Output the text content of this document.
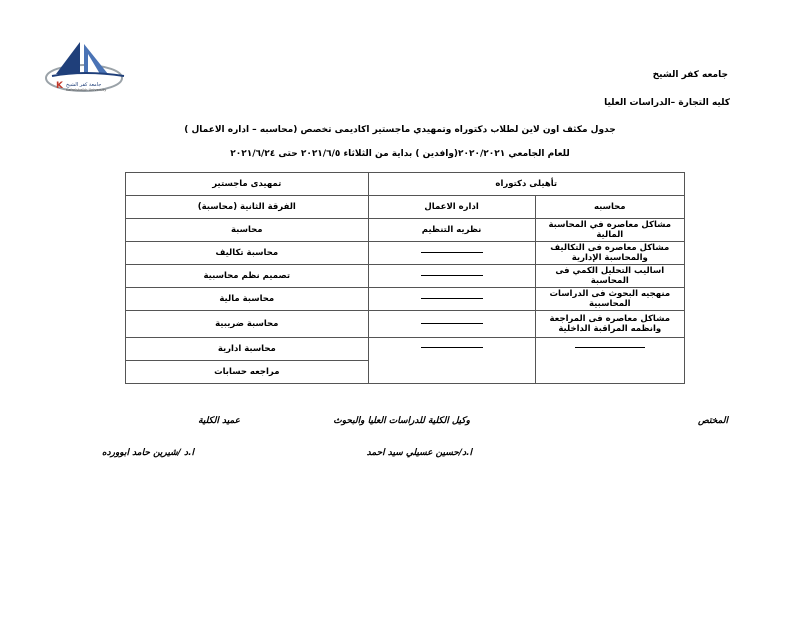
K جامعة كفر الشيخ
Kafrelsheikh University
جامعه كفر الشيخ
كليه التجارة –الدراسات العليا
جدول مكثف اون لاين لطلاب دكتوراه وتمهيدي ماجستير اكاديمى تخصص (محاسبه – اداره الاعمال )
للعام الجامعي ٢٠٢٠/٢٠٢١(وافدين ) بداية من الثلاثاء ٢٠٢١/٦/٥ حتى ٢٠٢١/٦/٢٤
تأهيلى دكتوراه		تمهيدى ماجستير
محاسبه	اداره الاعمال	الفرقة الثانية (محاسبة)
مشاكل معاصره في المحاسبة المالية	نظريه التنظيم	محاسبة
مشاكل معاصره فى التكاليف والمحاسبة الإدارية		محاسبة تكاليف
اساليب التحليل الكمي فى المحاسبة		تصميم نظم محاسبية
منهجيه البحوث فى الدراسات المحاسبية		محاسبة مالية
مشاكل معاصره فى المراجعة وانظمه المراقبة الداخلية		محاسبة ضريبية
		محاسبة ادارية
		مراجعه حسابات
المختص
وكيل الكلية للدراسات العليا والبحوث
عميد الكلية
ا.د/حسين عسيلي سيد احمد
ا.د /شيرين حامد ابوورده
